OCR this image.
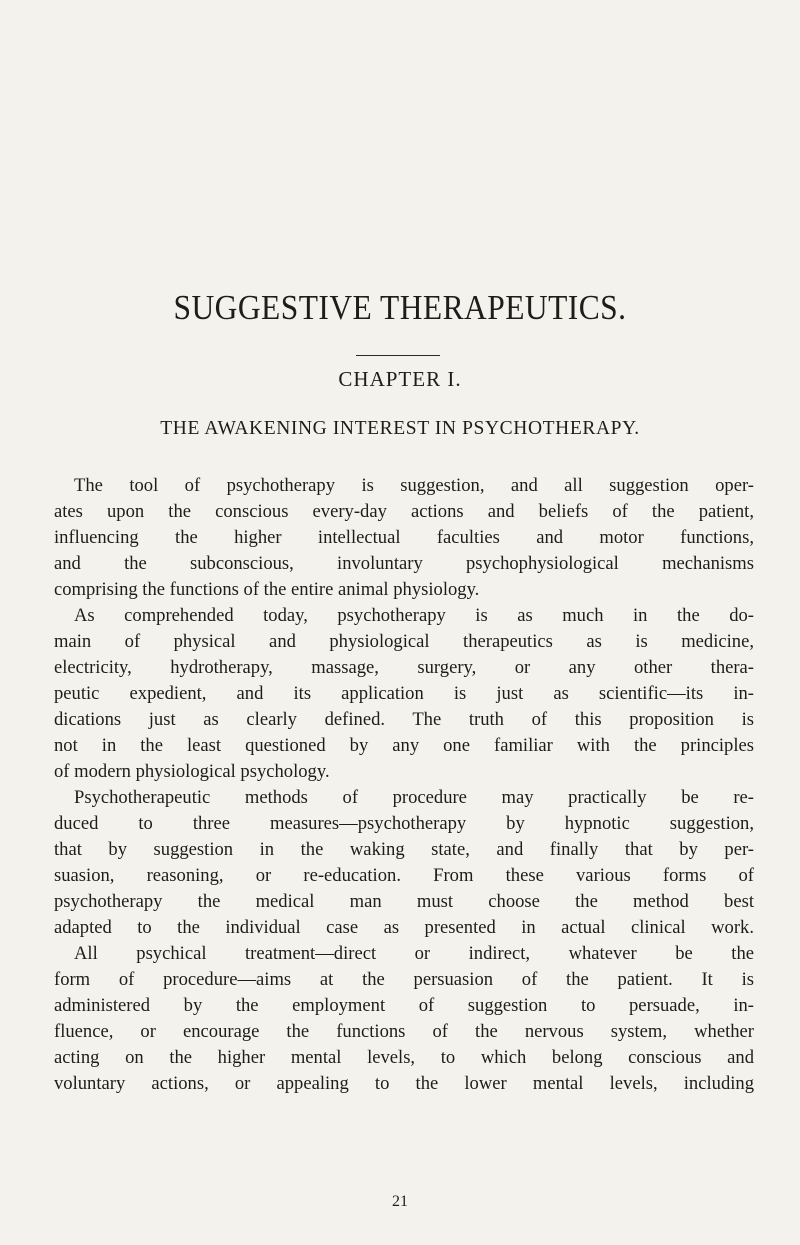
SUGGESTIVE THERAPEUTICS.
CHAPTER I.
THE AWAKENING INTEREST IN PSYCHOTHERAPY.
The tool of psychotherapy is suggestion, and all suggestion oper-
ates upon the conscious every-day actions and beliefs of the patient,
influencing the higher intellectual faculties and motor functions,
and the subconscious, involuntary psychophysiological mechanisms
comprising the functions of the entire animal physiology.
As comprehended today, psychotherapy is as much in the do-
main of physical and physiological therapeutics as is medicine,
electricity, hydrotherapy, massage, surgery, or any other thera-
peutic expedient, and its application is just as scientific—its in-
dications just as clearly defined. The truth of this proposition is
not in the least questioned by any one familiar with the principles
of modern physiological psychology.
Psychotherapeutic methods of procedure may practically be re-
duced to three measures—psychotherapy by hypnotic suggestion,
that by suggestion in the waking state, and finally that by per-
suasion, reasoning, or re-education. From these various forms of
psychotherapy the medical man must choose the method best
adapted to the individual case as presented in actual clinical work.
All psychical treatment—direct or indirect, whatever be the
form of procedure—aims at the persuasion of the patient. It is
administered by the employment of suggestion to persuade, in-
fluence, or encourage the functions of the nervous system, whether
acting on the higher mental levels, to which belong conscious and
voluntary actions, or appealing to the lower mental levels, including
21
